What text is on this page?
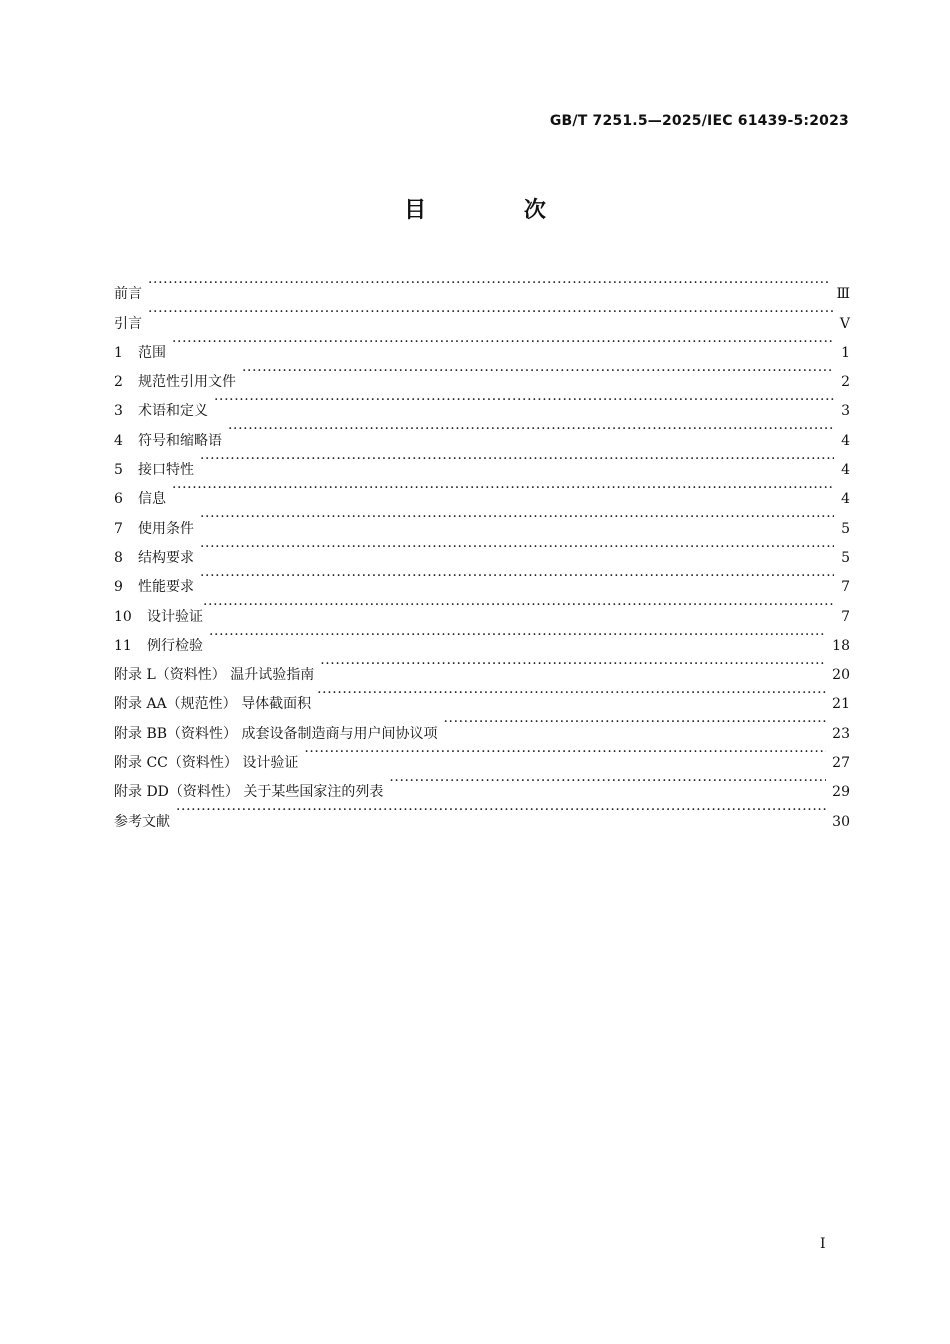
GB/T 7251.5—2025/IEC 61439-5:2023
目 次
前言 ·····	Ⅲ
引言 ·····	Ⅴ
1 范围 ·····	1
2 规范性引用文件 ·····	2
3 术语和定义 ·····	3
4 符号和缩略语 ·····	4
5 接口特性 ·····	4
6 信息 ·····	4
7 使用条件 ·····	5
8 结构要求 ·····	5
9 性能要求 ·····	7
10 设计验证 ·····	7
11 例行检验 ·····	18
附录 L（资料性） 温升试验指南 ·····	20
附录 AA（规范性） 导体截面积 ·····	21
附录 BB（资料性） 成套设备制造商与用户间协议项 ·····	23
附录 CC（资料性） 设计验证 ·····	27
附录 DD（资料性） 关于某些国家注的列表 ·····	29
参考文献 ·····	30
Ⅰ
